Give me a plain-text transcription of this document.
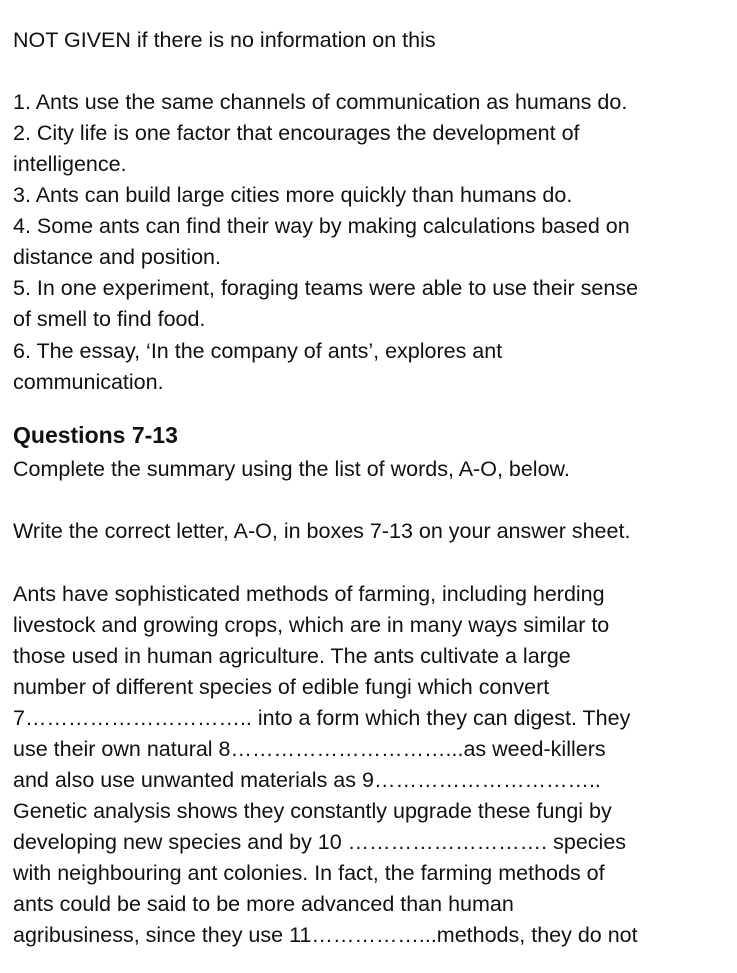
NOT GIVEN if there is no information on this
1. Ants use the same channels of communication as humans do.
2. City life is one factor that encourages the development of
intelligence.
3. Ants can build large cities more quickly than humans do.
4. Some ants can find their way by making calculations based on
distance and position.
5. In one experiment, foraging teams were able to use their sense
of smell to find food.
6. The essay, ‘In the company of ants’, explores ant
communication.
Questions 7-13
Complete the summary using the list of words, A-O, below.
Write the correct letter, A-O, in boxes 7-13 on your answer sheet.
Ants have sophisticated methods of farming, including herding
livestock and growing crops, which are in many ways similar to
those used in human agriculture. The ants cultivate a large
number of different species of edible fungi which convert
7………………………….. into a form which they can digest. They
use their own natural 8…………………………...as weed-killers
and also use unwanted materials as 9…………………………..
Genetic analysis shows they constantly upgrade these fungi by
developing new species and by 10 ………………………. species
with neighbouring ant colonies. In fact, the farming methods of
ants could be said to be more advanced than human
agribusiness, since they use 11……………...methods, they do not
